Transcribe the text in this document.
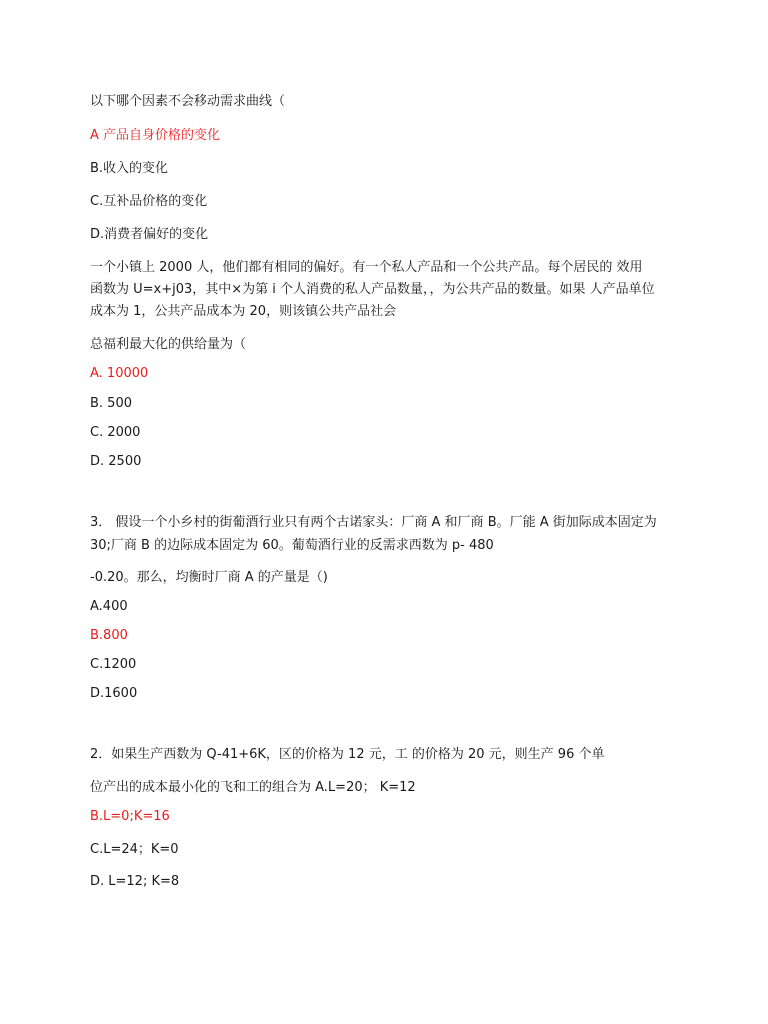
以下哪个因素不会移动需求曲线（
A 产品自身价格的变化
B.收入的变化
C.互补品价格的变化
D.消费者偏好的变化
一个小镇上 2000 人，他们都有相同的偏好。有一个私人产品和一个公共产品。每个居民的 效用
函数为 U=x+j03，其中×为第 i 个人消费的私人产品数量，，为公共产品的数量。如果 人产品单位
成本为 1，公共产品成本为 20，则该镇公共产品社会
总福利最大化的供给量为（
A. 10000
B. 500
C. 2000
D. 2500
3． 假设一个小乡村的街葡酒行业只有两个古诺家头：厂商 A 和厂商 B。厂能 A 街加际成本固定为
30;厂商 B 的边际成本固定为 60。葡萄酒行业的反需求西数为 p- 480
-0.20。那么，均衡时厂商 A 的产量是（)
A.400
B.800
C.1200
D.1600
2．如果生产西数为 Q-41+6K，区的价格为 12 元，工 的价格为 20 元，则生产 96 个单
位产出的成本最小化的飞和工的组合为 A.L=20； K=12
B.L=0;K=16
C.L=24；K=0
D. L=12; K=8
